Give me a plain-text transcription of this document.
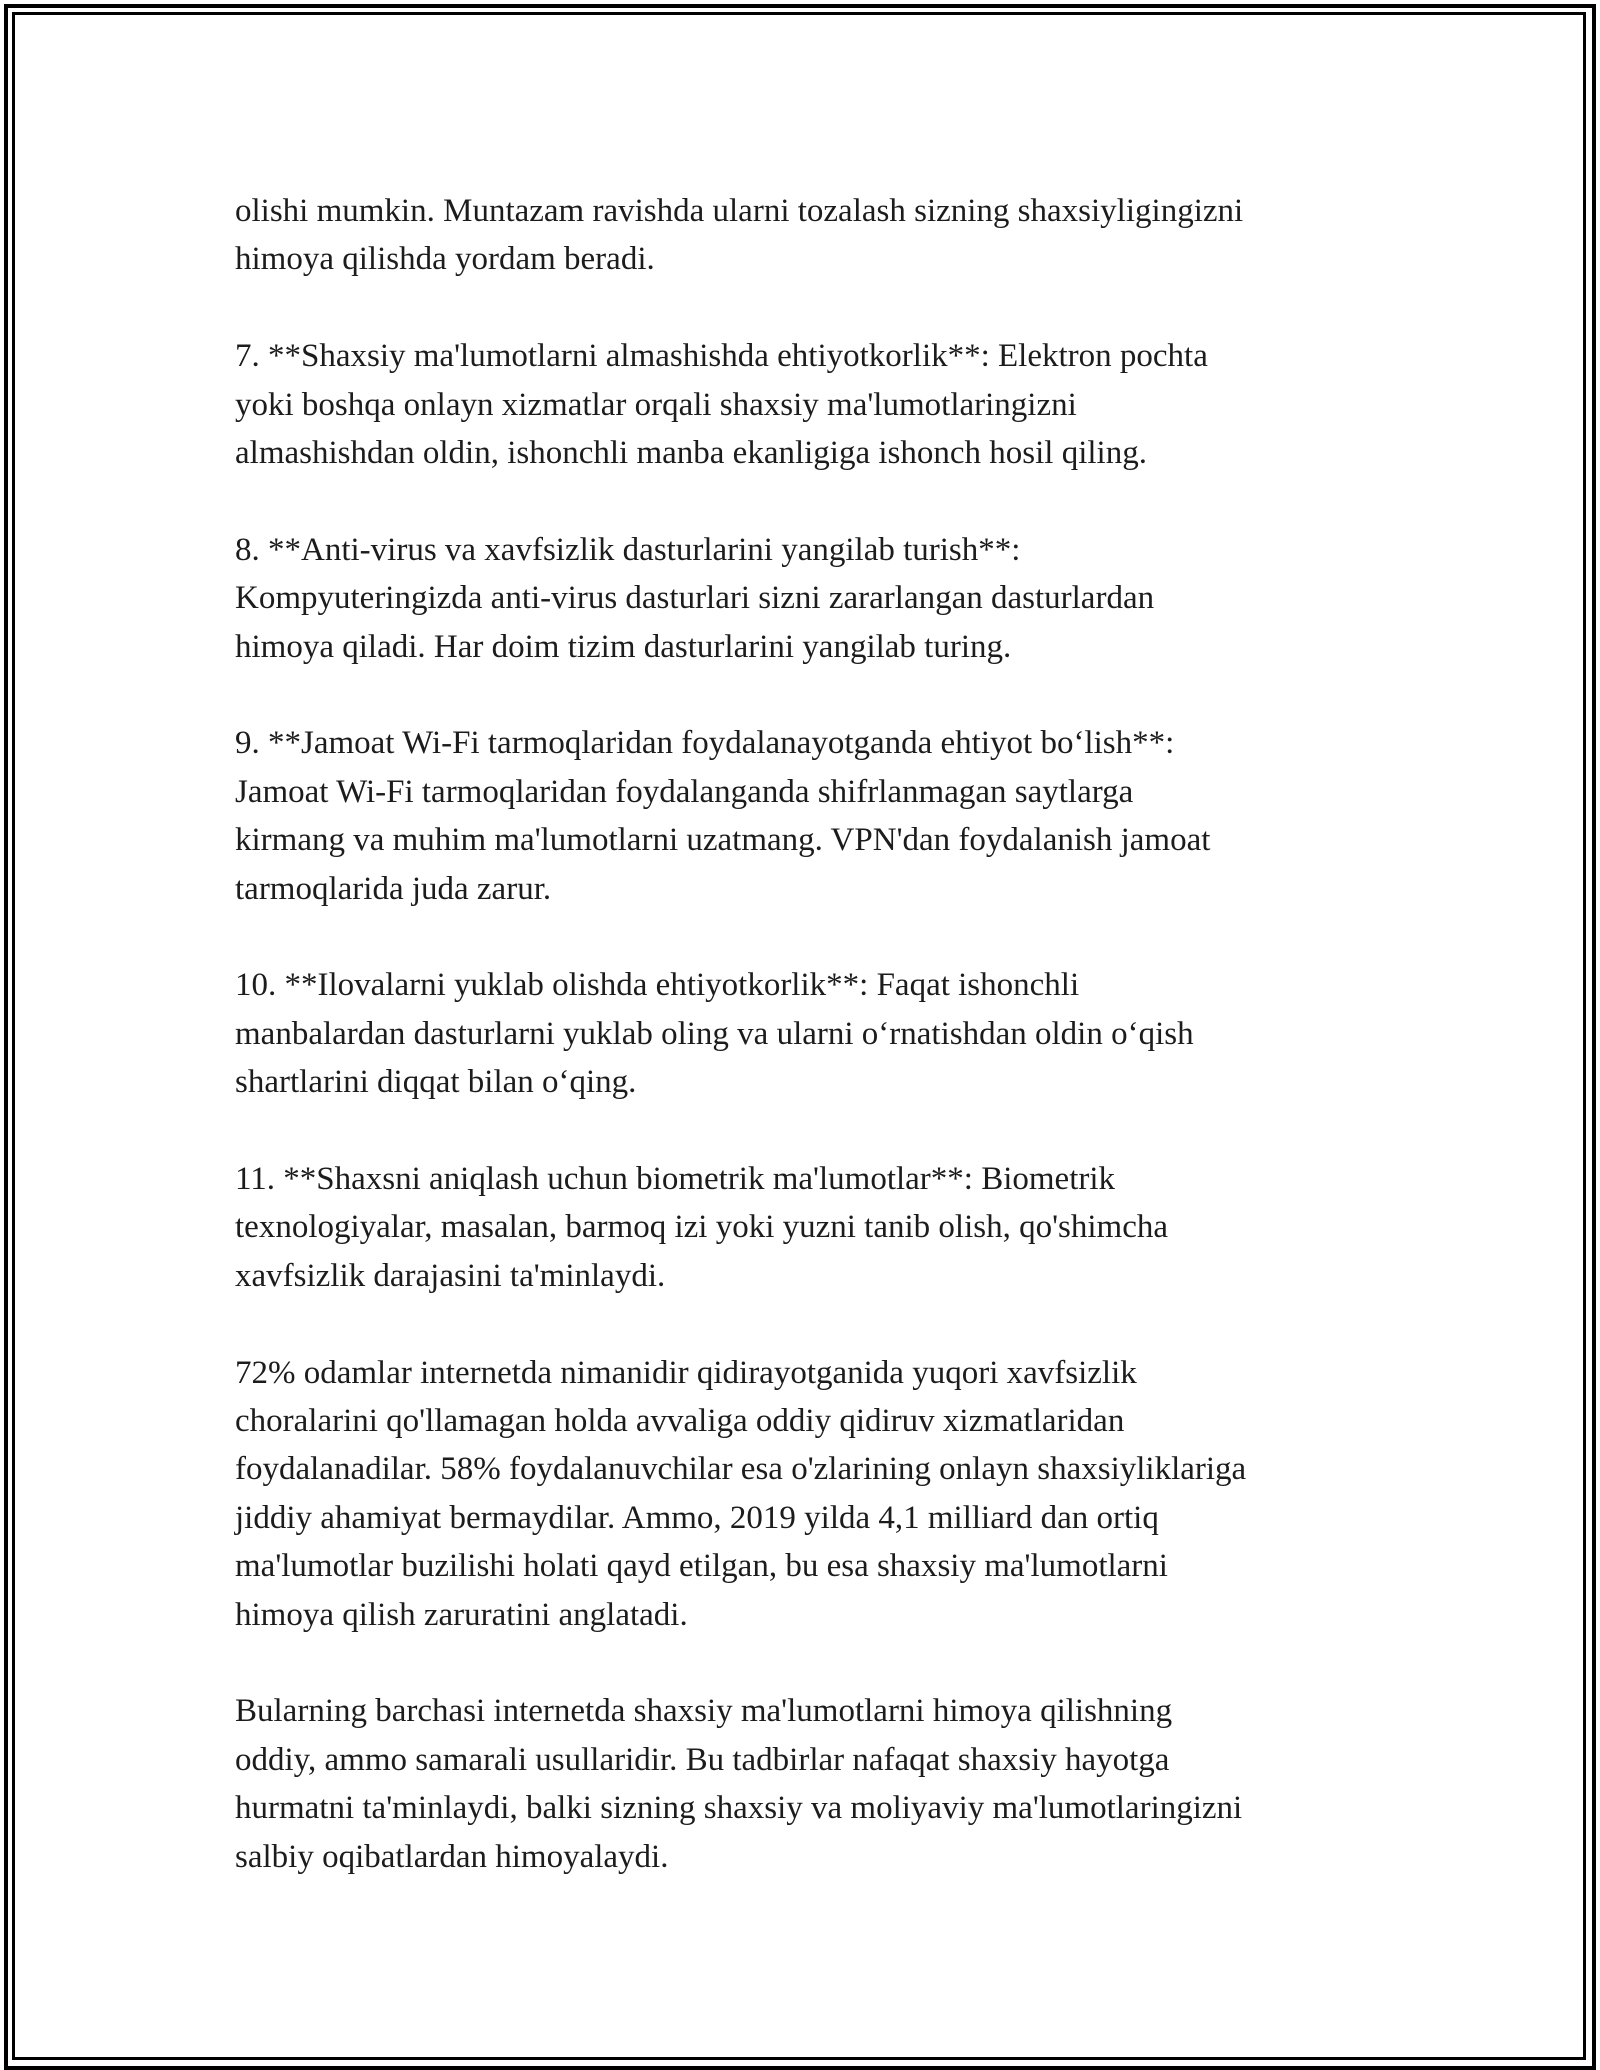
olishi mumkin. Muntazam ravishda ularni tozalash sizning shaxsiyligingizni
himoya qilishda yordam beradi.

7. **Shaxsiy ma'lumotlarni almashishda ehtiyotkorlik**: Elektron pochta
yoki boshqa onlayn xizmatlar orqali shaxsiy ma'lumotlaringizni
almashishdan oldin, ishonchli manba ekanligiga ishonch hosil qiling.

8. **Anti-virus va xavfsizlik dasturlarini yangilab turish**:
Kompyuteringizda anti-virus dasturlari sizni zararlangan dasturlardan
himoya qiladi. Har doim tizim dasturlarini yangilab turing.

9. **Jamoat Wi-Fi tarmoqlaridan foydalanayotganda ehtiyot bo‘lish**:
Jamoat Wi-Fi tarmoqlaridan foydalanganda shifrlanmagan saytlarga
kirmang va muhim ma'lumotlarni uzatmang. VPN'dan foydalanish jamoat
tarmoqlarida juda zarur.

10. **Ilovalarni yuklab olishda ehtiyotkorlik**: Faqat ishonchli
manbalardan dasturlarni yuklab oling va ularni o‘rnatishdan oldin o‘qish
shartlarini diqqat bilan o‘qing.

11. **Shaxsni aniqlash uchun biometrik ma'lumotlar**: Biometrik
texnologiyalar, masalan, barmoq izi yoki yuzni tanib olish, qo'shimcha
xavfsizlik darajasini ta'minlaydi.

72% odamlar internetda nimanidir qidirayotganida yuqori xavfsizlik
choralarini qo'llamagan holda avvaliga oddiy qidiruv xizmatlaridan
foydalanadilar. 58% foydalanuvchilar esa o'zlarining onlayn shaxsiyliklariga
jiddiy ahamiyat bermaydilar. Ammo, 2019 yilda 4,1 milliard dan ortiq
ma'lumotlar buzilishi holati qayd etilgan, bu esa shaxsiy ma'lumotlarni
himoya qilish zaruratini anglatadi.

Bularning barchasi internetda shaxsiy ma'lumotlarni himoya qilishning
oddiy, ammo samarali usullaridir. Bu tadbirlar nafaqat shaxsiy hayotga
hurmatni ta'minlaydi, balki sizning shaxsiy va moliyaviy ma'lumotlaringizni
salbiy oqibatlardan himoyalaydi.
